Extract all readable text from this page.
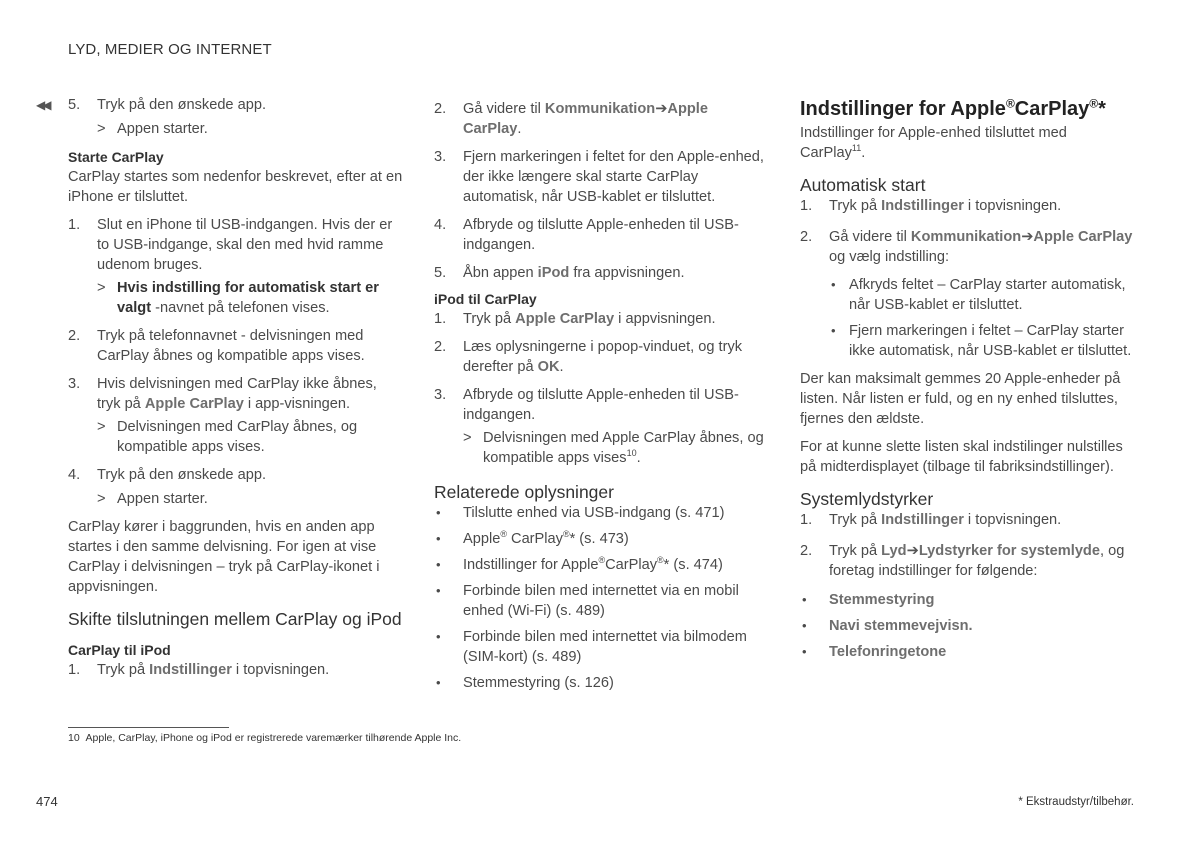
LYD, MEDIER OG INTERNET
◀◀ 5. Tryk på den ønskede app.

> Appen starter.

Starte CarPlay

CarPlay startes som nedenfor beskrevet, efter at en iPhone er tilsluttet.

1. Slut en iPhone til USB-indgangen. Hvis der er to USB-indgange, skal den med hvid ramme udenom bruges.

> Hvis indstilling for automatisk start er valgt -navnet på telefonen vises.

2. Tryk på telefonnavnet - delvisningen med CarPlay åbnes og kompatible apps vises.

3. Hvis delvisningen med CarPlay ikke åbnes, tryk på Apple CarPlay i app-visningen.

> Delvisningen med CarPlay åbnes, og kompatible apps vises.

4. Tryk på den ønskede app.

> Appen starter.

CarPlay kører i baggrunden, hvis en anden app startes i den samme delvisning. For igen at vise CarPlay i delvisningen – tryk på CarPlay-ikonet i appvisningen.

Skifte tilslutningen mellem CarPlay og iPod

CarPlay til iPod

1. Tryk på Indstillinger i topvisningen.

2. Gå videre til Kommunikation➔Apple CarPlay.

3. Fjern markeringen i feltet for den Apple-enhed, der ikke længere skal starte CarPlay automatisk, når USB-kablet er tilsluttet.

4. Afbryde og tilslutte Apple-enheden til USB-indgangen.

5. Åbn appen iPod fra appvisningen.

iPod til CarPlay

1. Tryk på Apple CarPlay i appvisningen.

2. Læs oplysningerne i popop-vinduet, og tryk derefter på OK.

3. Afbryde og tilslutte Apple-enheden til USB-indgangen.

> Delvisningen med Apple CarPlay åbnes, og kompatible apps vises$^{10}$.

Relaterede oplysninger

• Tilslutte enhed via USB-indgang (s. 471)

• Apple® CarPlay®* (s. 473)

• Indstillinger for Apple®CarPlay®* (s. 474)

• Forbinde bilen med internettet via en mobil enhed (Wi-Fi) (s. 489)

• Forbinde bilen med internettet via bilmodem (SIM-kort) (s. 489)

• Stemmestyring (s. 126)

Indstillinger for Apple®CarPlay®*

Indstillinger for Apple-enhed tilsluttet med CarPlay$^{11}$.

Automatisk start

1. Tryk på Indstillinger i topvisningen.

2. Gå videre til Kommunikation➔Apple CarPlay og vælg indstilling:

• Afkryds feltet – CarPlay starter automatisk, når USB-kablet er tilsluttet.

• Fjern markeringen i feltet – CarPlay starter ikke automatisk, når USB-kablet er tilsluttet.

Der kan maksimalt gemmes 20 Apple-enheder på listen. Når listen er fuld, og en ny enhed tilsluttes, fjernes den ældste.

For at kunne slette listen skal indstilinger nulstilles på midterdisplayet (tilbage til fabriksindstillinger).

Systemlydstyrker

1. Tryk på Indstillinger i topvisningen.

2. Tryk på Lyd➔Lydstyrker for systemlyde, og foretag indstillinger for følgende:

• Stemmestyring

• Navi stemmevejvisn.

• Telefonringetone

10 Apple, CarPlay, iPhone og iPod er registrerede varemærker tilhørende Apple Inc.
474	* Ekstraudstyr/tilbehør.
